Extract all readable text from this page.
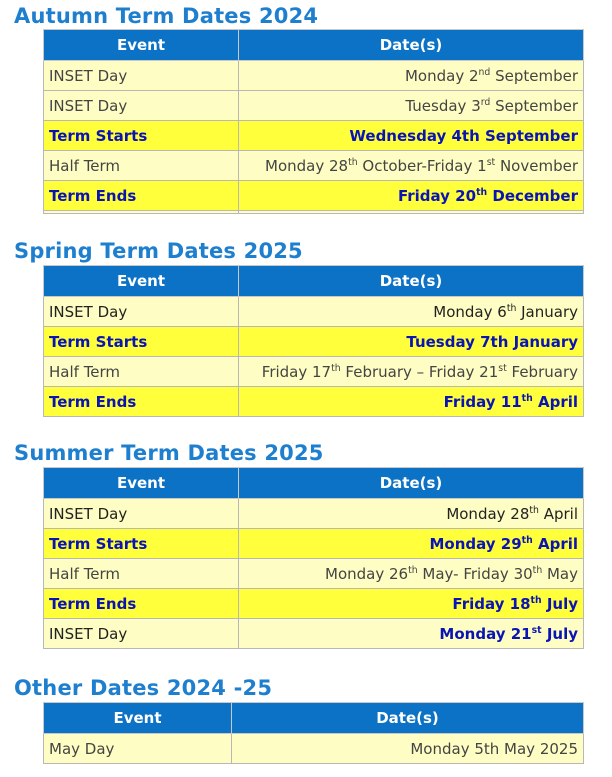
Autumn Term Dates 2024
Event	Date(s)
INSET Day	Monday 2nd September
INSET Day	Tuesday 3rd September
Term Starts	Wednesday 4th September
Half Term	Monday 28th October-Friday 1st November
Term Ends	Friday 20th December

Spring Term Dates 2025
Event	Date(s)
INSET Day	Monday 6th January
Term Starts	Tuesday 7th January
Half Term	Friday 17th February – Friday 21st February
Term Ends	Friday 11th April
Summer Term Dates 2025
Event	Date(s)
INSET Day	Monday 28th April
Term Starts	Monday 29th April
Half Term	Monday 26th May- Friday 30th May
Term Ends	Friday 18th July
INSET Day	Monday 21st July
Other Dates 2024 -25
Event	Date(s)
May Day	Monday 5th May 2025
